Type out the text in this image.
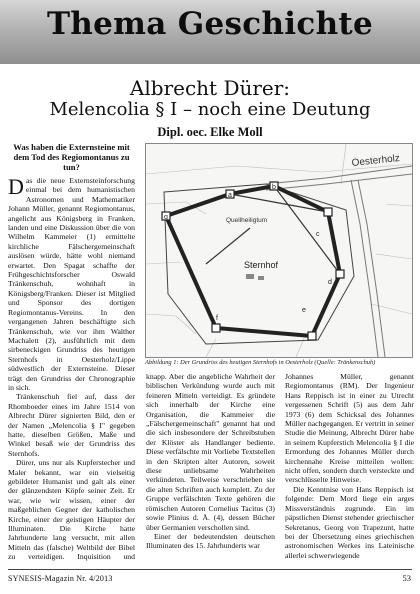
Thema Geschichte
Albrecht Dürer:
Melencolia § I – noch eine Deutung
Dipl. oec. Elke Moll
Was haben die Externsteine mit dem Tod des Regiomontanus zu tun?

Das die neue Externsteinforschung einmal bei dem humanistischen Astronomen und Mathematiker Johann Müller, genannt Regiomontanus, angelicht aus Königsberg in Franken, landen und eine Diskussion über die von Wilhelm Kammeier (1) ermittelte kirchliche Fälschergemeinschaft auslösen würde, hätte wohl niemand erwartet. Den Spagat schaffte der Frühgeschichtsforscher Oswald Tränkenschuh, wohnhaft in Königsberg/Franken. Dieser ist Mitglied und Sponsor des dortigen Regiomontanus-Vereins. In den vergangenen Jahren beschäftigte sich Tränkenschuh, wie vor ihm Walther Machalett (2), ausführlich mit dem sirbeneckigen Grundriss des heutigen Sternhofs in Oesterholz/Lippe südwestlich der Externsteine. Dieser trägt den Grundriss der Chronographie in sich.

Tränkenschuh fiel auf, dass der Rhomboeder eines im Jahre 1514 von Albrecht Dürer signierten Bild, den er der Namen „Melencolia § I" gegeben hatte, dieselben Größen, Maße und Winkel besaß wie der Grundriss des Sternhofs.

Dürer, uns nur als Kupferstecher und Maler bekannt, war ein vielseitig gebildeter Humanist und galt als einer der glänzendsten Köpfe seiner Zeit. Er war, wie wir wissen, einer der maßgeblichen Gegner der katholischen Kirche, einer der geistigen Häupter der Illuminaten. Die Kirche hatte Jahrhunderte lang versucht, mit allen Mitteln das (falsche) Weltbild der Bibel zu verteidigen. Inquisition und

g
a
b
c
d
e
f
Oesterholz
Quellheiligtum
Sternhof
Abbildung 1: Der Grundriss des heutigen Sternhofs in Oesterholz (Quelle: Tränkenschuh)

knapp. Aber die angebliche Wahrheit der biblischen Verkündung wurde auch mit feineren Mitteln verteidigt. Es gründete sich innerhalb der Kirche eine Organisation, die Kammeier die „Fälschergemeinschaft" genannt hat und die sich insbesondere der Schreibstuben der Klöster als Handlanger bediente. Diese verfälschte mit Vorliebe Textstellen in den Skripten alter Autoren, soweit diese unliebsame Wahrheiten verkündeten. Teilweise verschrieben sie die alten Schriften auch komplett. Zu der Gruppe verfälschten Texte gehören die römischen Autoren Cornelius Tacitus (3) sowie Plinius d. Ä. (4), dessen Bücher über Germanien verschollen sind.

Einer der bedeutendsten deutschen Illuminaten des 15. Jahrhunderts war

Johannes Müller, genannt Regiomontanus (RM). Der Ingenieur Hans Reppisch ist in einer zu Utrecht vergessenen Schrift (5) aus dem Jahr 1973 (6) dem Schicksal des Johannes Müller nachgegangen. Er vertritt in seiner Studie die Meinung, Albrecht Dürer habe in seinem Kupferstich Melencolia § I die Ermordung des Johannes Müller durch kirchennahe Kreise mitteilen wollen: nicht offen, sondern durch versteckte und verschlüsselte Hinweise.

Die Kenntnise von Hans Reppisch ist folgende: Dem Mord liege ein arges Missverständnis zugrunde. Ein im päpstlichen Dienst stehender griechischer Sekretanus, Georg von Trapezunt, hatte bei der Übersetzung eines griechischen astronomischen Werkes ins Lateinische allerlei schwerwiegende

SYNESIS-Magazin Nr. 4/2013	53
